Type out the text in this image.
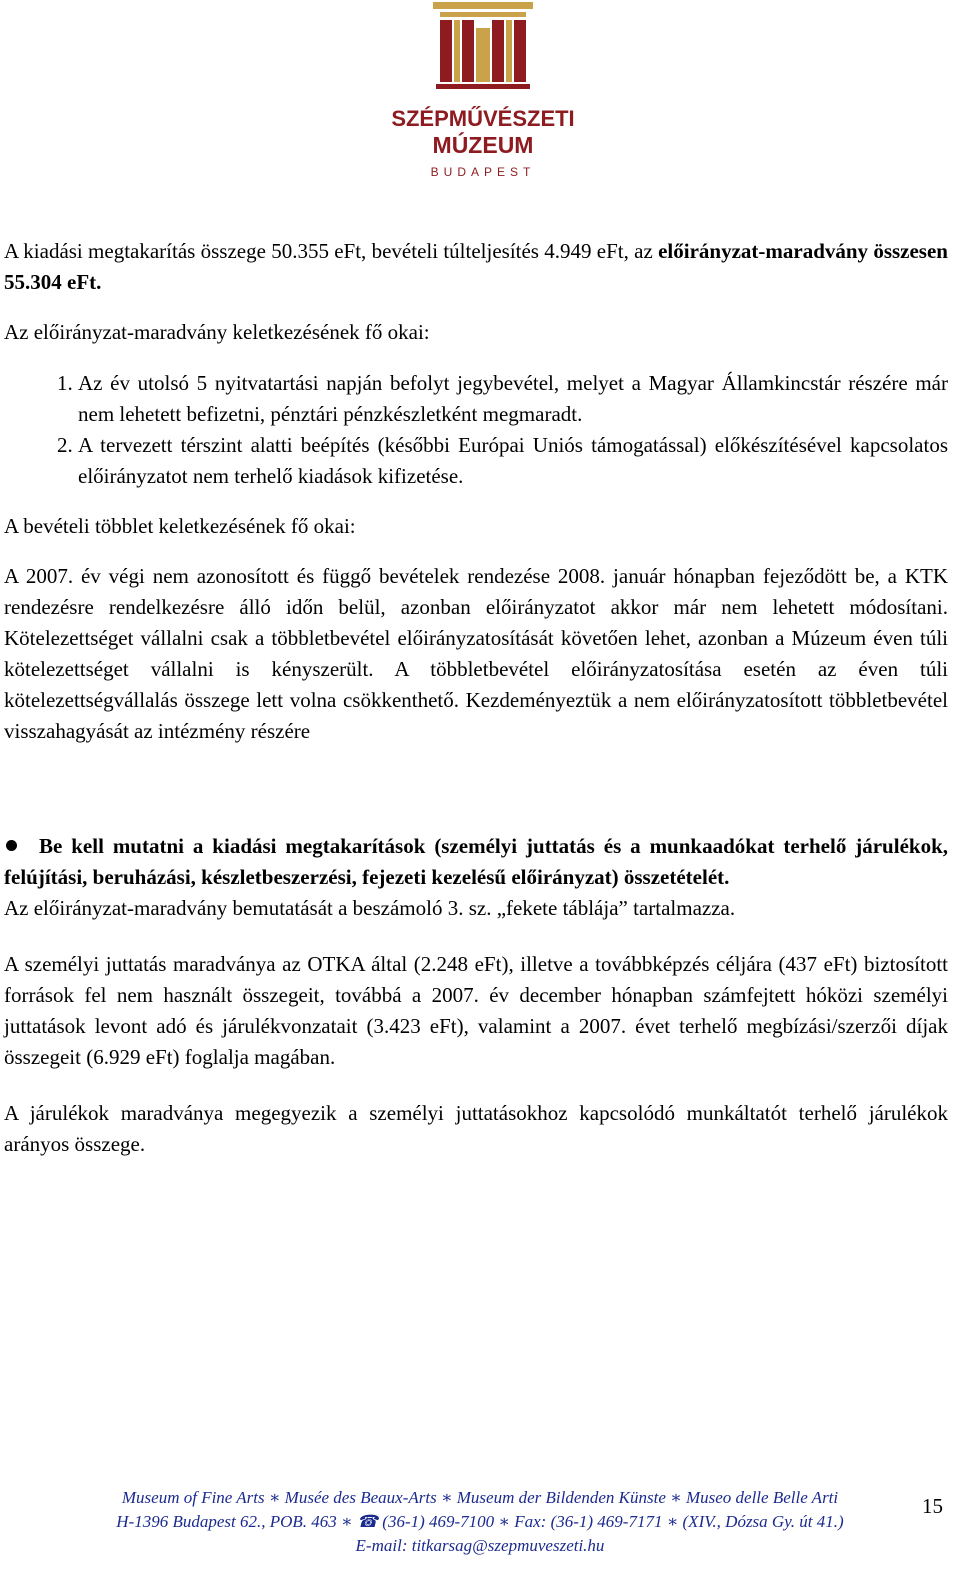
SZÉPMŰVÉSZETI
MÚZEUM
BUDAPEST

A kiadási megtakarítás összege 50.355 eFt, bevételi túlteljesítés 4.949 eFt, az előirányzat-maradvány összesen 55.304 eFt.

Az előirányzat-maradvány keletkezésének fő okai:

1. Az év utolsó 5 nyitvatartási napján befolyt jegybevétel, melyet a Magyar Államkincstár részére már nem lehetett befizetni, pénztári pénzkészletként megmaradt.
2. A tervezett térszint alatti beépítés (későbbi Európai Uniós támogatással) előkészítésével kapcsolatos előirányzatot nem terhelő kiadások kifizetése.

A bevételi többlet keletkezésének fő okai:

A 2007. év végi nem azonosított és függő bevételek rendezése 2008. január hónapban fejeződött be, a KTK rendezésre rendelkezésre álló időn belül, azonban előirányzatot akkor már nem lehetett módosítani. Kötelezettséget vállalni csak a többletbevétel előirányzatosítását követően lehet, azonban a Múzeum éven túli kötelezettséget vállalni is kényszerült. A többletbevétel előirányzatosítása esetén az éven túli kötelezettségvállalás összege lett volna csökkenthető. Kezdeményeztük a nem előirányzatosított többletbevétel visszahagyását az intézmény részére

Be kell mutatni a kiadási megtakarítások (személyi juttatás és a munkaadókat terhelő járulékok, felújítási, beruházási, készletbeszerzési, fejezeti kezelésű előirányzat) összetételét.

Az előirányzat-maradvány bemutatását a beszámoló 3. sz. „fekete táblája” tartalmazza.

A személyi juttatás maradványa az OTKA által (2.248 eFt), illetve a továbbképzés céljára (437 eFt) biztosított források fel nem használt összegeit, továbbá a 2007. év december hónapban számfejtett hóközi személyi juttatások levont adó és járulékvonzatait (3.423 eFt), valamint a 2007. évet terhelő megbízási/szerzői díjak összegeit (6.929 eFt) foglalja magában.

A járulékok maradványa megegyezik a személyi juttatásokhoz kapcsolódó munkáltatót terhelő járulékok arányos összege.

Museum of Fine Arts ∗ Musée des Beaux-Arts ∗ Museum der Bildenden Künste ∗ Museo delle Belle Arti
H-1396 Budapest 62., POB. 463 ∗ ☎ (36-1) 469-7100 ∗ Fax: (36-1) 469-7171 ∗ (XIV., Dózsa Gy. út 41.)
E-mail: titkarsag@szepmuveszeti.hu
15
